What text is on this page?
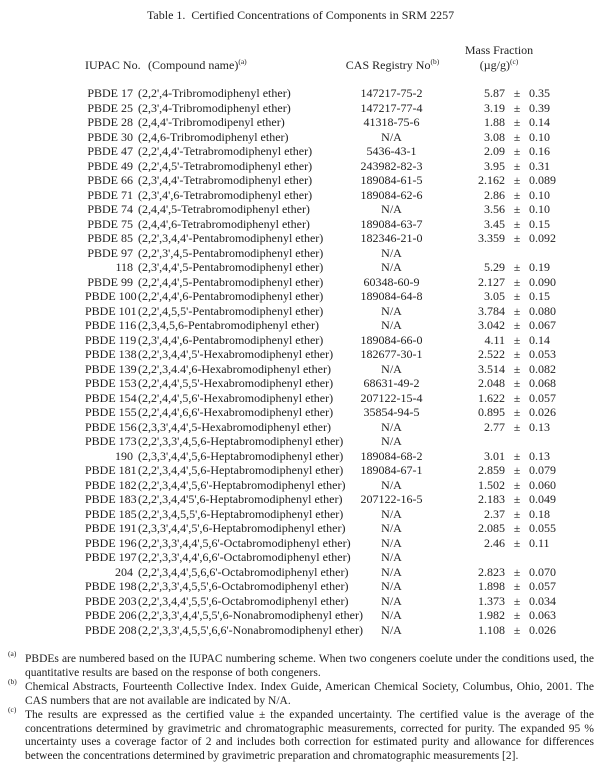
Table 1.  Certified Concentrations of Components in SRM 2257
IUPAC No. (Compound name)$^{(a)}$	CAS Registry No$^{(b)}$
Mass Fraction
$(\mu g/g)^{(c)}$
PBDE 17 (2,2',4-Tribromodiphenyl ether)	147217-75-2	5.87 ± 0.35
PBDE 25 (2,3',4-Tribromodiphenyl ether)	147217-77-4	3.19 ± 0.39
PBDE 28 (2,4,4'-Tribromodipenyl ether)	41318-75-6	1.88 ± 0.14
PBDE 30 (2,4,6-Tribromodiphenyl ether)	N/A	3.08 ± 0.10
PBDE 47 (2,2',4,4'-Tetrabromodiphenyl ether)	5436-43-1	2.09 ± 0.16
PBDE 49 (2,2',4,5'-Tetrabromodiphenyl ether)	243982-82-3	3.95 ± 0.31
PBDE 66 (2,3',4,4'-Tetrabromodiphenyl ether)	189084-61-5	2.162 ± 0.089
PBDE 71 (2,3',4',6-Tetrabromodiphenyl ether)	189084-62-6	2.86 ± 0.10
PBDE 74 (2,4,4',5-Tetrabromodiphenyl ether)	N/A	3.56 ± 0.10
PBDE 75 (2,4,4',6-Tetrabromodiphenyl ether)	189084-63-7	3.45 ± 0.15
PBDE 85 (2,2',3,4,4'-Pentabromodiphenyl ether)	182346-21-0	3.359 ± 0.092
PBDE 97 (2,2',3',4,5-Pentabromodiphenyl ether)	N/A
118 (2,3',4,4',5-Pentabromodiphenyl ether)	N/A	5.29 ± 0.19
PBDE 99 (2,2',4,4',5-Pentabromodiphenyl ether)	60348-60-9	2.127 ± 0.090
PBDE 100 (2,2',4,4',6-Pentabromodiphenyl ether)	189084-64-8	3.05 ± 0.15
PBDE 101 (2,2',4,5,5'-Pentabromodiphenyl ether)	N/A	3.784 ± 0.080
PBDE 116 (2,3,4,5,6-Pentabromodiphenyl ether)	N/A	3.042 ± 0.067
PBDE 119 (2,3',4,4',6-Pentabromodiphenyl ether)	189084-66-0	4.11 ± 0.14
PBDE 138 (2,2',3,4,4',5'-Hexabromodiphenyl ether)	182677-30-1	2.522 ± 0.053
PBDE 139 (2,2',3,4.4',6-Hexabromodiphenyl ether)	N/A	3.514 ± 0.082
PBDE 153 (2,2',4,4',5,5'-Hexabromodiphenyl ether)	68631-49-2	2.048 ± 0.068
PBDE 154 (2,2',4,4',5,6'-Hexabromodiphenyl ether)	207122-15-4	1.622 ± 0.057
PBDE 155 (2,2',4,4',6,6'-Hexabromodiphenyl ether)	35854-94-5	0.895 ± 0.026
PBDE 156 (2,3,3',4,4',5-Hexabromodiphenyl ether)	N/A	2.77 ± 0.13
PBDE 173 (2,2',3,3',4,5,6-Heptabromodiphenyl ether)	N/A
190 (2,3,3',4,4',5,6-Heptabromodiphenyl ether)	189084-68-2	3.01 ± 0.13
PBDE 181 (2,2',3,4,4',5,6-Heptabromodiphenyl ether)	189084-67-1	2.859 ± 0.079
PBDE 182 (2,2',3,4,4',5,6'-Heptabromodiphenyl ether)	N/A	1.502 ± 0.060
PBDE 183 (2,2',3,4,4'5',6-Heptabromodiphenyl ether)	207122-16-5	2.183 ± 0.049
PBDE 185 (2,2',3,4,5,5',6-Heptabromodiphenyl ether)	N/A	2.37 ± 0.18
PBDE 191 (2,3,3',4,4',5',6-Heptabromodiphenyl ether)	N/A	2.085 ± 0.055
PBDE 196 (2,2',3,3',4,4',5,6'-Octabromodiphenyl ether)	N/A	2.46 ± 0.11
PBDE 197 (2,2',3,3',4,4',6,6'-Octabromodiphenyl ether)	N/A
204 (2,2',3,4,4',5,6,6'-Octabromodiphenyl ether)	N/A	2.823 ± 0.070
PBDE 198 (2,2',3,3',4,5,5',6-Octabromodiphenyl ether)	N/A	1.898 ± 0.057
PBDE 203 (2,2',3,4,4',5,5',6-Octabromodiphenyl ether)	N/A	1.373 ± 0.034
PBDE 206 (2,2',3,3',4,4',5,5',6-Nonabromodiphenyl ether)	N/A	1.982 ± 0.063
PBDE 208 (2,2',3,3',4,5,5',6,6'-Nonabromodiphenyl ether)	N/A	1.108 ± 0.026
(a) PBDEs are numbered based on the IUPAC numbering scheme. When two congeners coelute under the conditions used, the quantitative results are based on the response of both congeners.
(b) Chemical Abstracts, Fourteenth Collective Index. Index Guide, American Chemical Society, Columbus, Ohio, 2001. The CAS numbers that are not available are indicated by N/A.
(c) The results are expressed as the certified value ± the expanded uncertainty. The certified value is the average of the concentrations determined by gravimetric and chromatographic measurements, corrected for purity. The expanded 95 % uncertainty uses a coverage factor of 2 and includes both correction for estimated purity and allowance for differences between the concentrations determined by gravimetric preparation and chromatographic measurements [2].
